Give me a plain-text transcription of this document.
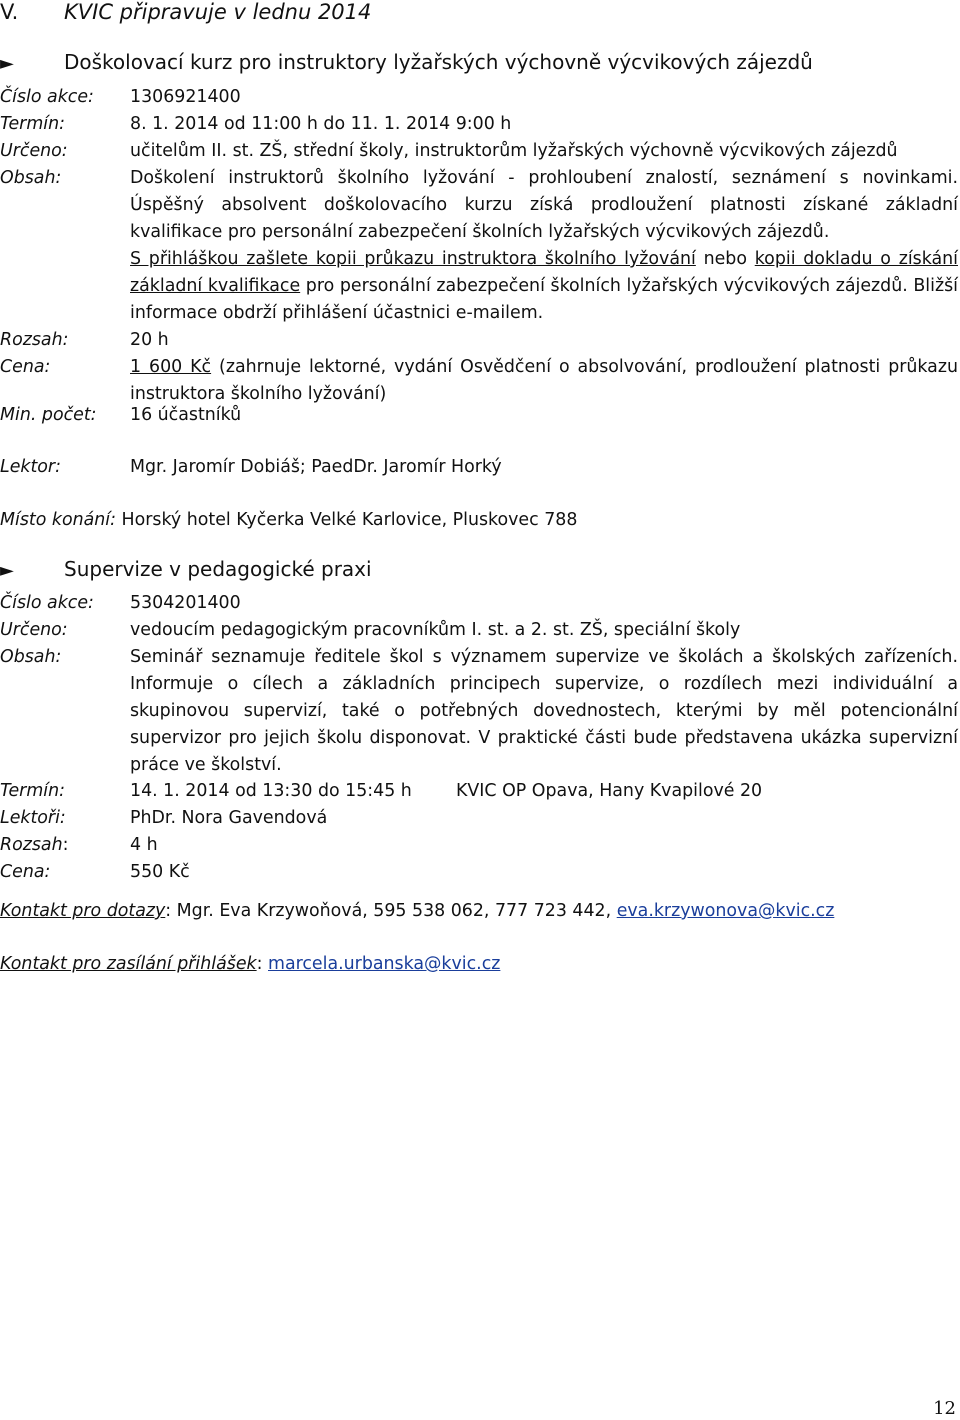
V. KVIC připravuje v lednu 2014
►	Doškolovací kurz pro instruktory lyžařských výchovně výcvikových zájezdů
Číslo akce: 1306921400
Termín:	8. 1. 2014 od 11:00 h do 11. 1. 2014 9:00 h
Určeno:	učitelům II. st. ZŠ, střední školy, instruktorům lyžařských výchovně výcvikových zájezdů
Obsah:	Doškolení instruktorů školního lyžování - prohloubení znalostí, seznámení s novinkami. Úspěšný absolvent doškolovacího kurzu získá prodloužení platnosti získané základní kvalifikace pro personální zabezpečení školních lyžařských výcvikových zájezdů.
S přihláškou zašlete kopii průkazu instruktora školního lyžování nebo kopii dokladu o získání základní kvalifikace pro personální zabezpečení školních lyžařských výcvikových zájezdů. Bližší informace obdrží přihlášení účastnici e-mailem.
Rozsah:	20 h
Cena:	1 600 Kč (zahrnuje lektorné, vydání Osvědčení o absolvování, prodloužení platnosti průkazu instruktora školního lyžování)
Min. počet: 16 účastníků
Lektor:	Mgr. Jaromír Dobiáš; PaedDr. Jaromír Horký
Místo konání: Horský hotel Kyčerka Velké Karlovice, Pluskovec 788
►	Supervize v pedagogické praxi
Číslo akce: 5304201400
Určeno:	vedoucím pedagogickým pracovníkům I. st. a 2. st. ZŠ, speciální školy
Obsah:	Seminář seznamuje ředitele škol s významem supervize ve školách a školských zařízeních. Informuje o cílech a základních principech supervize, o rozdílech mezi individuální a skupinovou supervizí, také o potřebných dovednostech, kterými by měl potencionální supervizor pro jejich školu disponovat. V praktické části bude představena ukázka supervizní práce ve školství.
Termín:	14. 1. 2014 od 13:30 do 15:45 h	KVIC OP Opava, Hany Kvapilové 20
Lektoři:	PhDr. Nora Gavendová
Rozsah:	4 h
Cena:	550 Kč
Kontakt pro dotazy: Mgr. Eva Krzywoňová, 595 538 062, 777 723 442, eva.krzywonova@kvic.cz
Kontakt pro zasílání přihlášek: marcela.urbanska@kvic.cz
12
